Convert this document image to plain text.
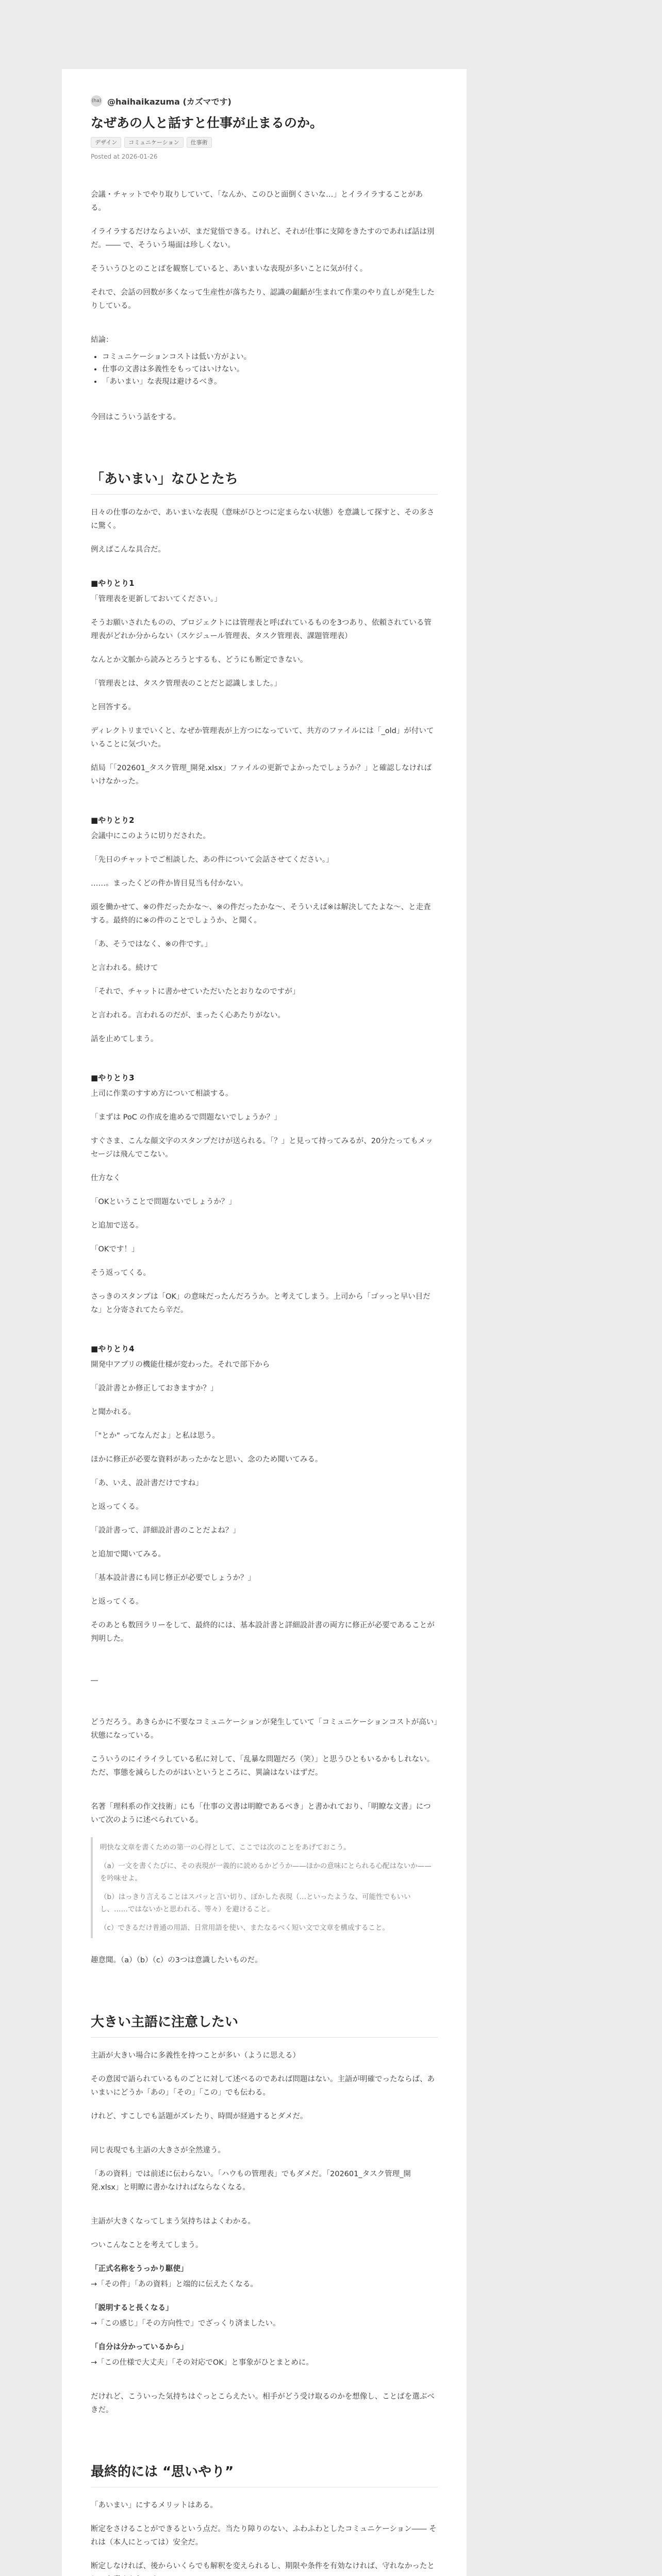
(ha) @haihaikazuma (カズマです)
なぜあの人と話すと仕事が止まるのか。
デザイン	コミュニケーション	仕事術
Posted at 2026-01-26

会議・チャットでやり取りしていて、「なんか、このひと面倒くさいな…」とイライラすることがある。

イライラするだけならよいが、まだ覚悟できる。けれど、それが仕事に支障をきたすのであれば話は別だ。―― で、そういう場面は珍しくない。

そういうひとのことばを観察していると、あいまいな表現が多いことに気が付く。

それで、会話の回数が多くなって生産性が落ちたり、認識の齟齬が生まれて作業のやり直しが発生したりしている。

結論：

• コミュニケーションコストは低い方がよい。
• 仕事の文書は多義性をもってはいけない。
• 「あいまい」な表現は避けるべき。

今回はこういう話をする。

「あいまい」なひとたち

日々の仕事のなかで、あいまいな表現（意味がひとつに定まらない状態）を意識して探すと、その多さに驚く。

例えばこんな具合だ。

■やりとり1

「管理表を更新しておいてください。」

そうお願いされたものの、プロジェクトには管理表と呼ばれているものを3つあり、依頼されている管理表がどれか分からない（スケジュール管理表、タスク管理表、課題管理表）

なんとか文脈から読みとろうとするも、どうにも断定できない。

「管理表とは、タスク管理表のことだと認識しました。」

と回答する。

ディレクトリまでいくと、なぜか管理表が上方つになっていて、共方のファイルには「_old」が付いていることに気づいた。

結局「「202601_タスク管理_開発.xlsx」ファイルの更新でよかったでしょうか？」と確認しなければいけなかった。

■やりとり2

会議中にこのように切りだされた。

「先日のチャットでご相談した、あの件について会話させてください。」

……。まったくどの件か皆目見当も付かない。

頭を働かせて、※の件だったかな～、※の件だったかな～、そういえば※は解決してたよな～、と走査する。最終的に※の件のことでしょうか、と聞く。

「あ、そうではなく、※の件です。」

と言われる。続けて

「それで、チャットに書かせていただいたとおりなのですが」

と言われる。言われるのだが、まったく心あたりがない。

話を止めてしまう。

■やりとり3

上司に作業のすすめ方について相談する。

「まずは PoC の作成を進めるで問題ないでしょうか？」

すぐさま、こんな顔文字のスタンプだけが送られる。「？」と見って持ってみるが、20分たってもメッセージは飛んでこない。

仕方なく

「OKということで問題ないでしょうか？」

と追加で送る。

「OKです！」

そう返ってくる。

さっきのスタンプは「OK」の意味だったんだろうか。と考えてしまう。上司から「ゴッっと早い目だな」と分寄されてたら辛だ。

■やりとり4

開発中アプリの機能仕様が変わった。それで部下から

「設計書とか修正しておきますか？」

と聞かれる。

「"とか" ってなんだよ」と私は思う。

ほかに修正が必要な資料があったかなと思い、念のため聞いてみる。

「あ、いえ、設計書だけですね」

と返ってくる。

「設計書って、詳細設計書のことだよね？」

と追加で聞いてみる。

「基本設計書にも同じ修正が必要でしょうか？」

と返ってくる。

そのあとも数回ラリーをして、最終的には、基本設計書と詳細設計書の両方に修正が必要であることが判明した。

―

どうだろう。あきらかに不要なコミュニケーションが発生していて「コミュニケーションコストが高い」状態になっている。

こういうのにイライラしている私に対して、「乱暴な問題だろ（笑）」と思うひともいるかもしれない。ただ、事態を減らしたのがはいというところに、異論はないはずだ。

名著「理科系の作文技術」にも「仕事の文書は明瞭であるべき」と書かれており、「明瞭な文書」について次のように述べられている。

明快な文章を書くための第一の心得として、ここでは次のことをあげておこう。

（a）一文を書くたびに、その表現が一義的に読めるかどうか——ほかの意味にとられる心配はないか——を吟味せよ。

（b）はっきり言えることはスパッと言い切り、ぼかした表現（…といったような、可能性でもいいし、……ではないかと思われる、等々）を避けること。

（c）できるだけ普通の用語、日常用語を使い、またなるべく短い文で文章を構成すること。

趣意聞。（a）（b）（c）の3つは意識したいものだ。

大きい主語に注意したい

主語が大きい場合に多義性を持つことが多い（ように思える）

その意図で語られているものごとに対して述べるのであれば問題はない。主語が明確でったならば、あいまいにどうか「あの」「その」「この」でも伝わる。

けれど、すこしでも話題がズレたり、時間が経過するとダメだ。

同じ表現でも主語の大きさが全然違う。

「あの資料」では前述に伝わらない。「ハウもの管理表」でもダメだ。「202601_タスク管理_開発.xlsx」と明瞭に書かなければならなくなる。

主語が大きくなってしまう気持ちはよくわかる。

ついこんなことを考えてしまう。

「正式名称をうっかり駆使」

→「その件」「あの資料」と端的に伝えたくなる。

「説明すると長くなる」

→「この感じ」「その方向性で」でざっくり済ましたい。

「自分は分かっているから」

→「この仕様で大丈夫」「その対応でOK」と事象がひとまとめに。

だけれど、こういった気持ちはぐっとこらえたい。相手がどう受け取るのかを想像し、ことばを選ぶべきだ。

最終的には “思いやり”

「あいまい」にするメリットはある。

断定をさけることができるという点だ。当たり障りのない、ふわふわとしたコミュニケーション―― それは（本人にとっては）安全だ。

断定しなければ、後からいくらでも解釈を変えられるし、期限や条件を有効なければ、守れなかったと
